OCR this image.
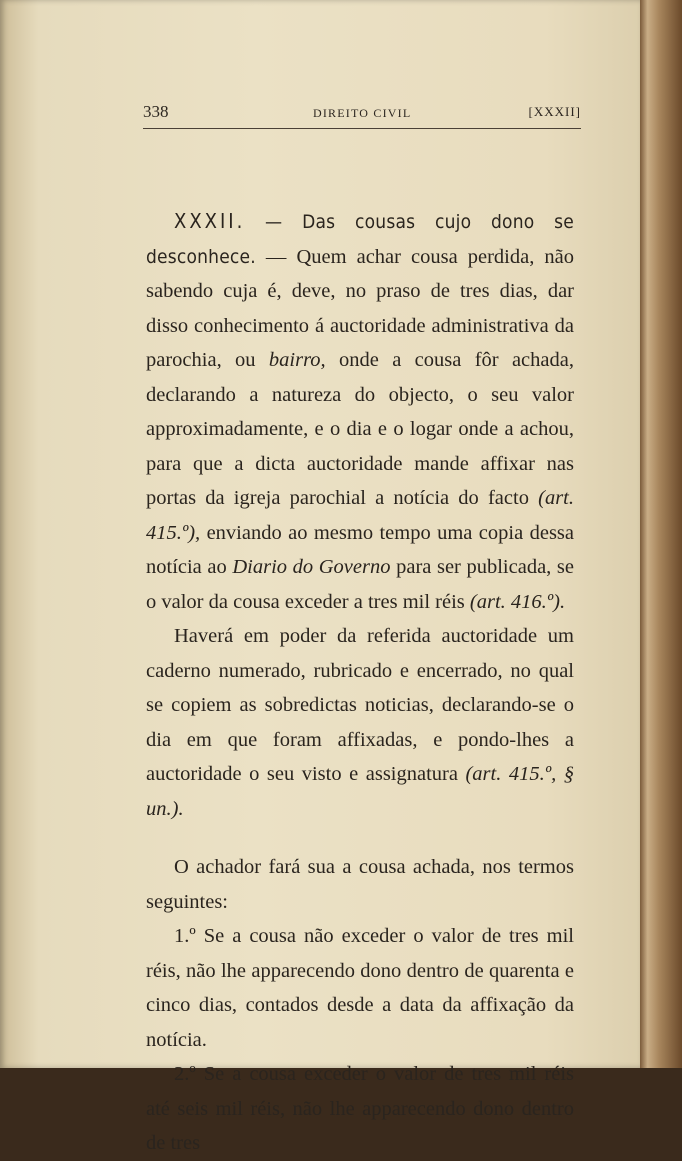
338	DIREITO CIVIL	[XXXII]

XXXII. — Das cousas cujo dono se desconhece. — Quem achar cousa perdida, não sabendo cuja é, deve, no praso de tres dias, dar disso conhecimento á auctoridade administrativa da parochia, ou bairro, onde a cousa fôr achada, declarando a natureza do objecto, o seu valor approximadamente, e o dia e o logar onde a achou, para que a dicta auctoridade mande affixar nas portas da igreja parochial a notícia do facto (art. 415.º), enviando ao mesmo tempo uma copia dessa notícia ao Diario do Governo para ser publicada, se o valor da cousa exceder a tres mil réis (art. 416.º).

Haverá em poder da referida auctoridade um caderno numerado, rubricado e encerrado, no qual se copiem as sobredictas noticias, declarando-se o dia em que foram affixadas, e pondo-lhes a auctoridade o seu visto e assignatura (art. 415.º, § un.).

O achador fará sua a cousa achada, nos termos seguintes:

1.º Se a cousa não exceder o valor de tres mil réis, não lhe apparecendo dono dentro de quarenta e cinco dias, contados desde a data da affixação da notícia.

2.º Se a cousa exceder o valor de tres mil réis até seis mil réis, não lhe apparecendo dono dentro de tres
